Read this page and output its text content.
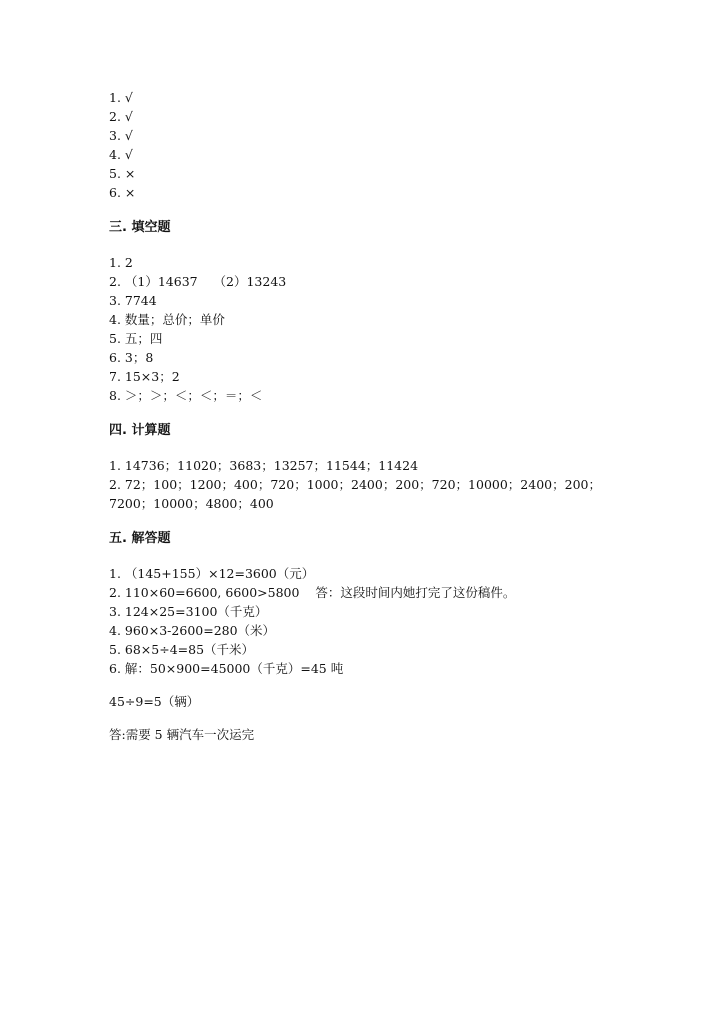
1. √
2. √
3. √
4. √
5. ×
6. ×
三. 填空题
1. 2
2. （1）14637    （2）13243
3. 7744
4. 数量；总价；单价
5. 五；四
6. 3；8
7. 15×3；2
8. ＞；＞；＜；＜；＝；＜
四. 计算题
1. 14736；11020；3683；13257；11544；11424
2. 72；100；1200；400；720；1000；2400；200；720；10000；2400；200；
7200；10000；4800；400
五. 解答题
1. （145+155）×12=3600（元）
2. 110×60=6600, 6600>5800    答：这段时间内她打完了这份稿件。
3. 124×25=3100（千克）
4. 960×3-2600=280（米）
5. 68×5÷4=85（千米）
6. 解：50×900=45000（千克）=45 吨
45÷9=5（辆）
答:需要 5 辆汽车一次运完
